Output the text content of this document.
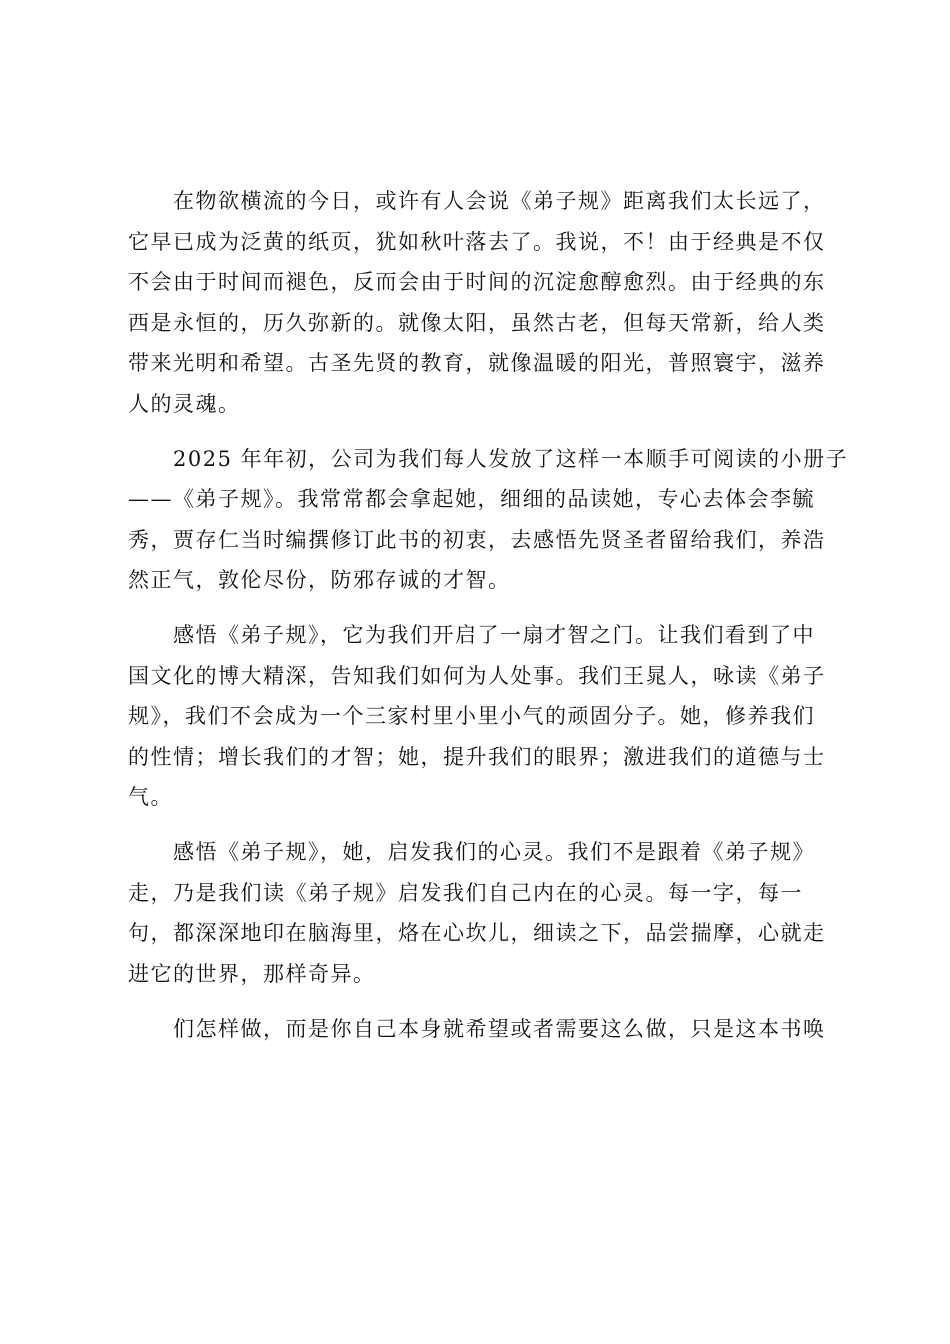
在物欲横流的今日，或许有人会说《弟子规》距离我们太长远了，
它早已成为泛黄的纸页，犹如秋叶落去了。我说，不！由于经典是不仅
不会由于时间而褪色，反而会由于时间的沉淀愈醇愈烈。由于经典的东
西是永恒的，历久弥新的。就像太阳，虽然古老，但每天常新，给人类
带来光明和希望。古圣先贤的教育，就像温暖的阳光，普照寰宇，滋养
人的灵魂。

2025 年年初，公司为我们每人发放了这样一本顺手可阅读的小册子
——《弟子规》。我常常都会拿起她，细细的品读她，专心去体会李毓
秀，贾存仁当时编撰修订此书的初衷，去感悟先贤圣者留给我们，养浩
然正气，敦伦尽份，防邪存诚的才智。

感悟《弟子规》，它为我们开启了一扇才智之门。让我们看到了中
国文化的博大精深，告知我们如何为人处事。我们王晁人，咏读《弟子
规》，我们不会成为一个三家村里小里小气的顽固分子。她，修养我们
的性情；增长我们的才智；她，提升我们的眼界；激进我们的道德与士
气。

感悟《弟子规》，她，启发我们的心灵。我们不是跟着《弟子规》
走，乃是我们读《弟子规》启发我们自己内在的心灵。每一字，每一
句，都深深地印在脑海里，烙在心坎儿，细读之下，品尝揣摩，心就走
进它的世界，那样奇异。

们怎样做，而是你自己本身就希望或者需要这么做，只是这本书唤
